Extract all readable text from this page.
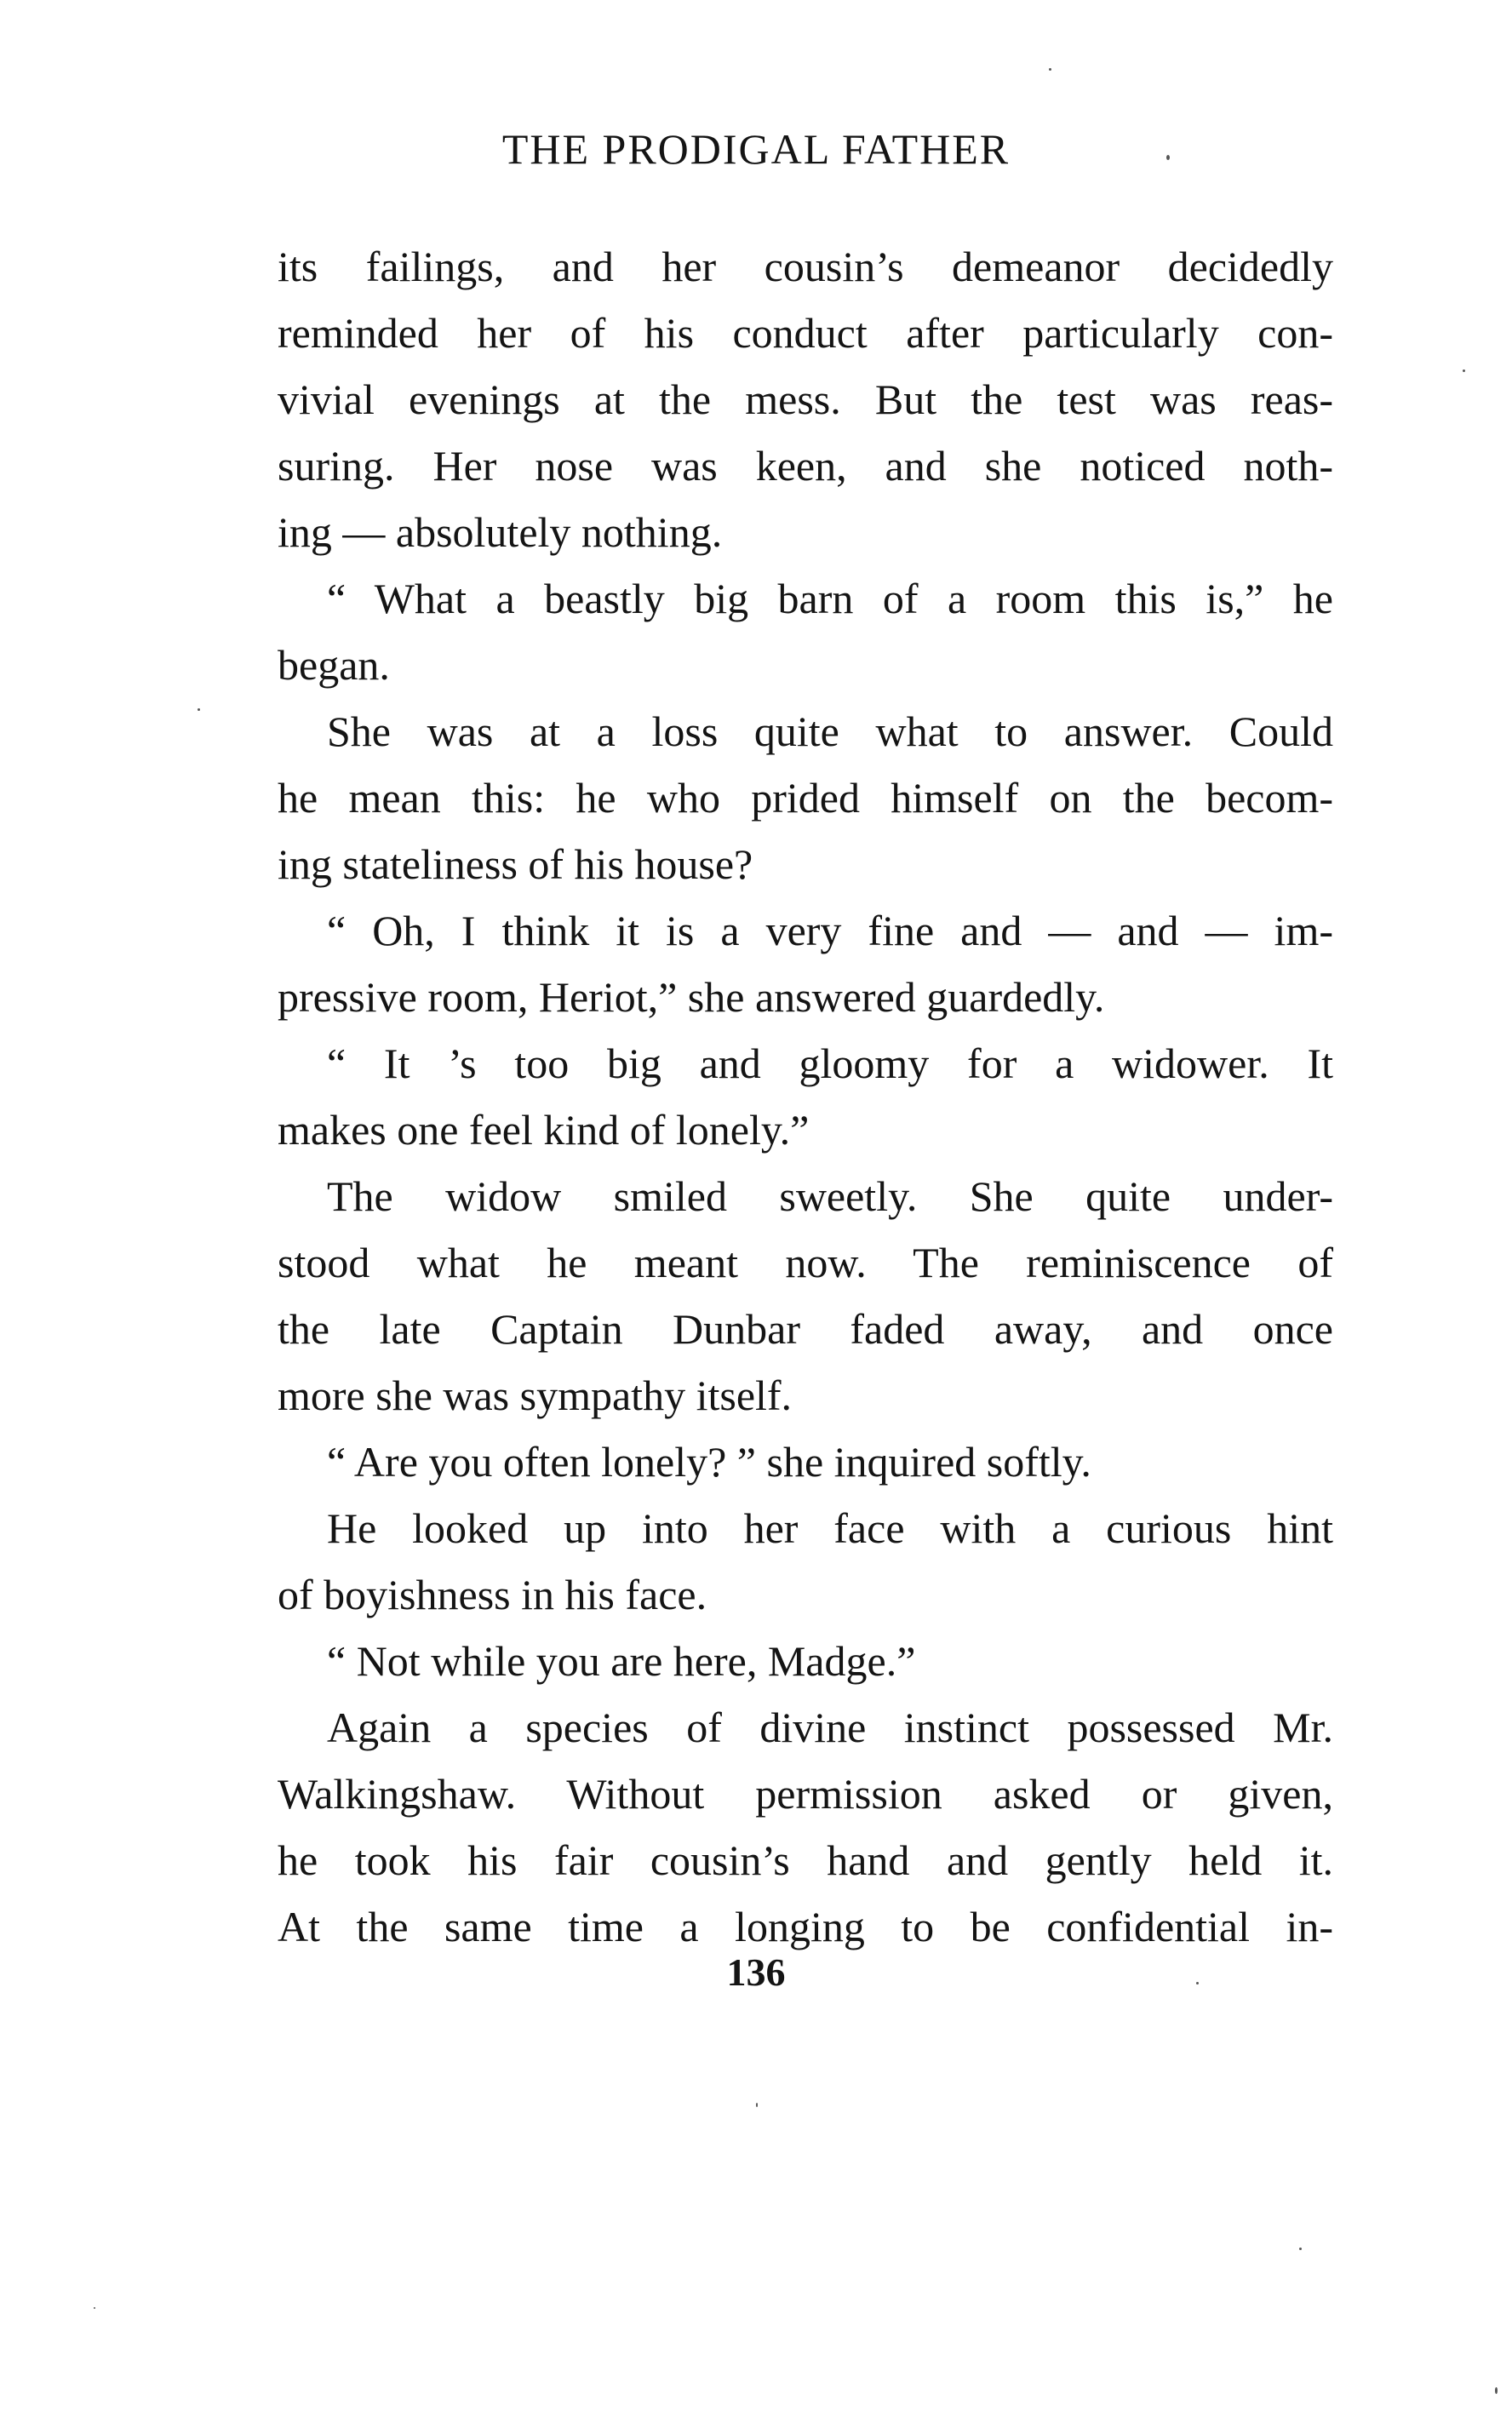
THE PRODIGAL FATHER
its failings, and her cousin’s demeanor decidedly
reminded her of his conduct after particularly con-
vivial evenings at the mess. But the test was reas-
suring. Her nose was keen, and she noticed noth-
ing — absolutely nothing.
“ What a beastly big barn of a room this is,” he
began.
She was at a loss quite what to answer. Could
he mean this: he who prided himself on the becom-
ing stateliness of his house?
“ Oh, I think it is a very fine and — and — im-
pressive room, Heriot,” she answered guardedly.
“ It ’s too big and gloomy for a widower. It
makes one feel kind of lonely.”
The widow smiled sweetly. She quite under-
stood what he meant now. The reminiscence of
the late Captain Dunbar faded away, and once
more she was sympathy itself.
“ Are you often lonely? ” she inquired softly.
He looked up into her face with a curious hint
of boyishness in his face.
“ Not while you are here, Madge.”
Again a species of divine instinct possessed Mr.
Walkingshaw. Without permission asked or given,
he took his fair cousin’s hand and gently held it.
At the same time a longing to be confidential in-
136
